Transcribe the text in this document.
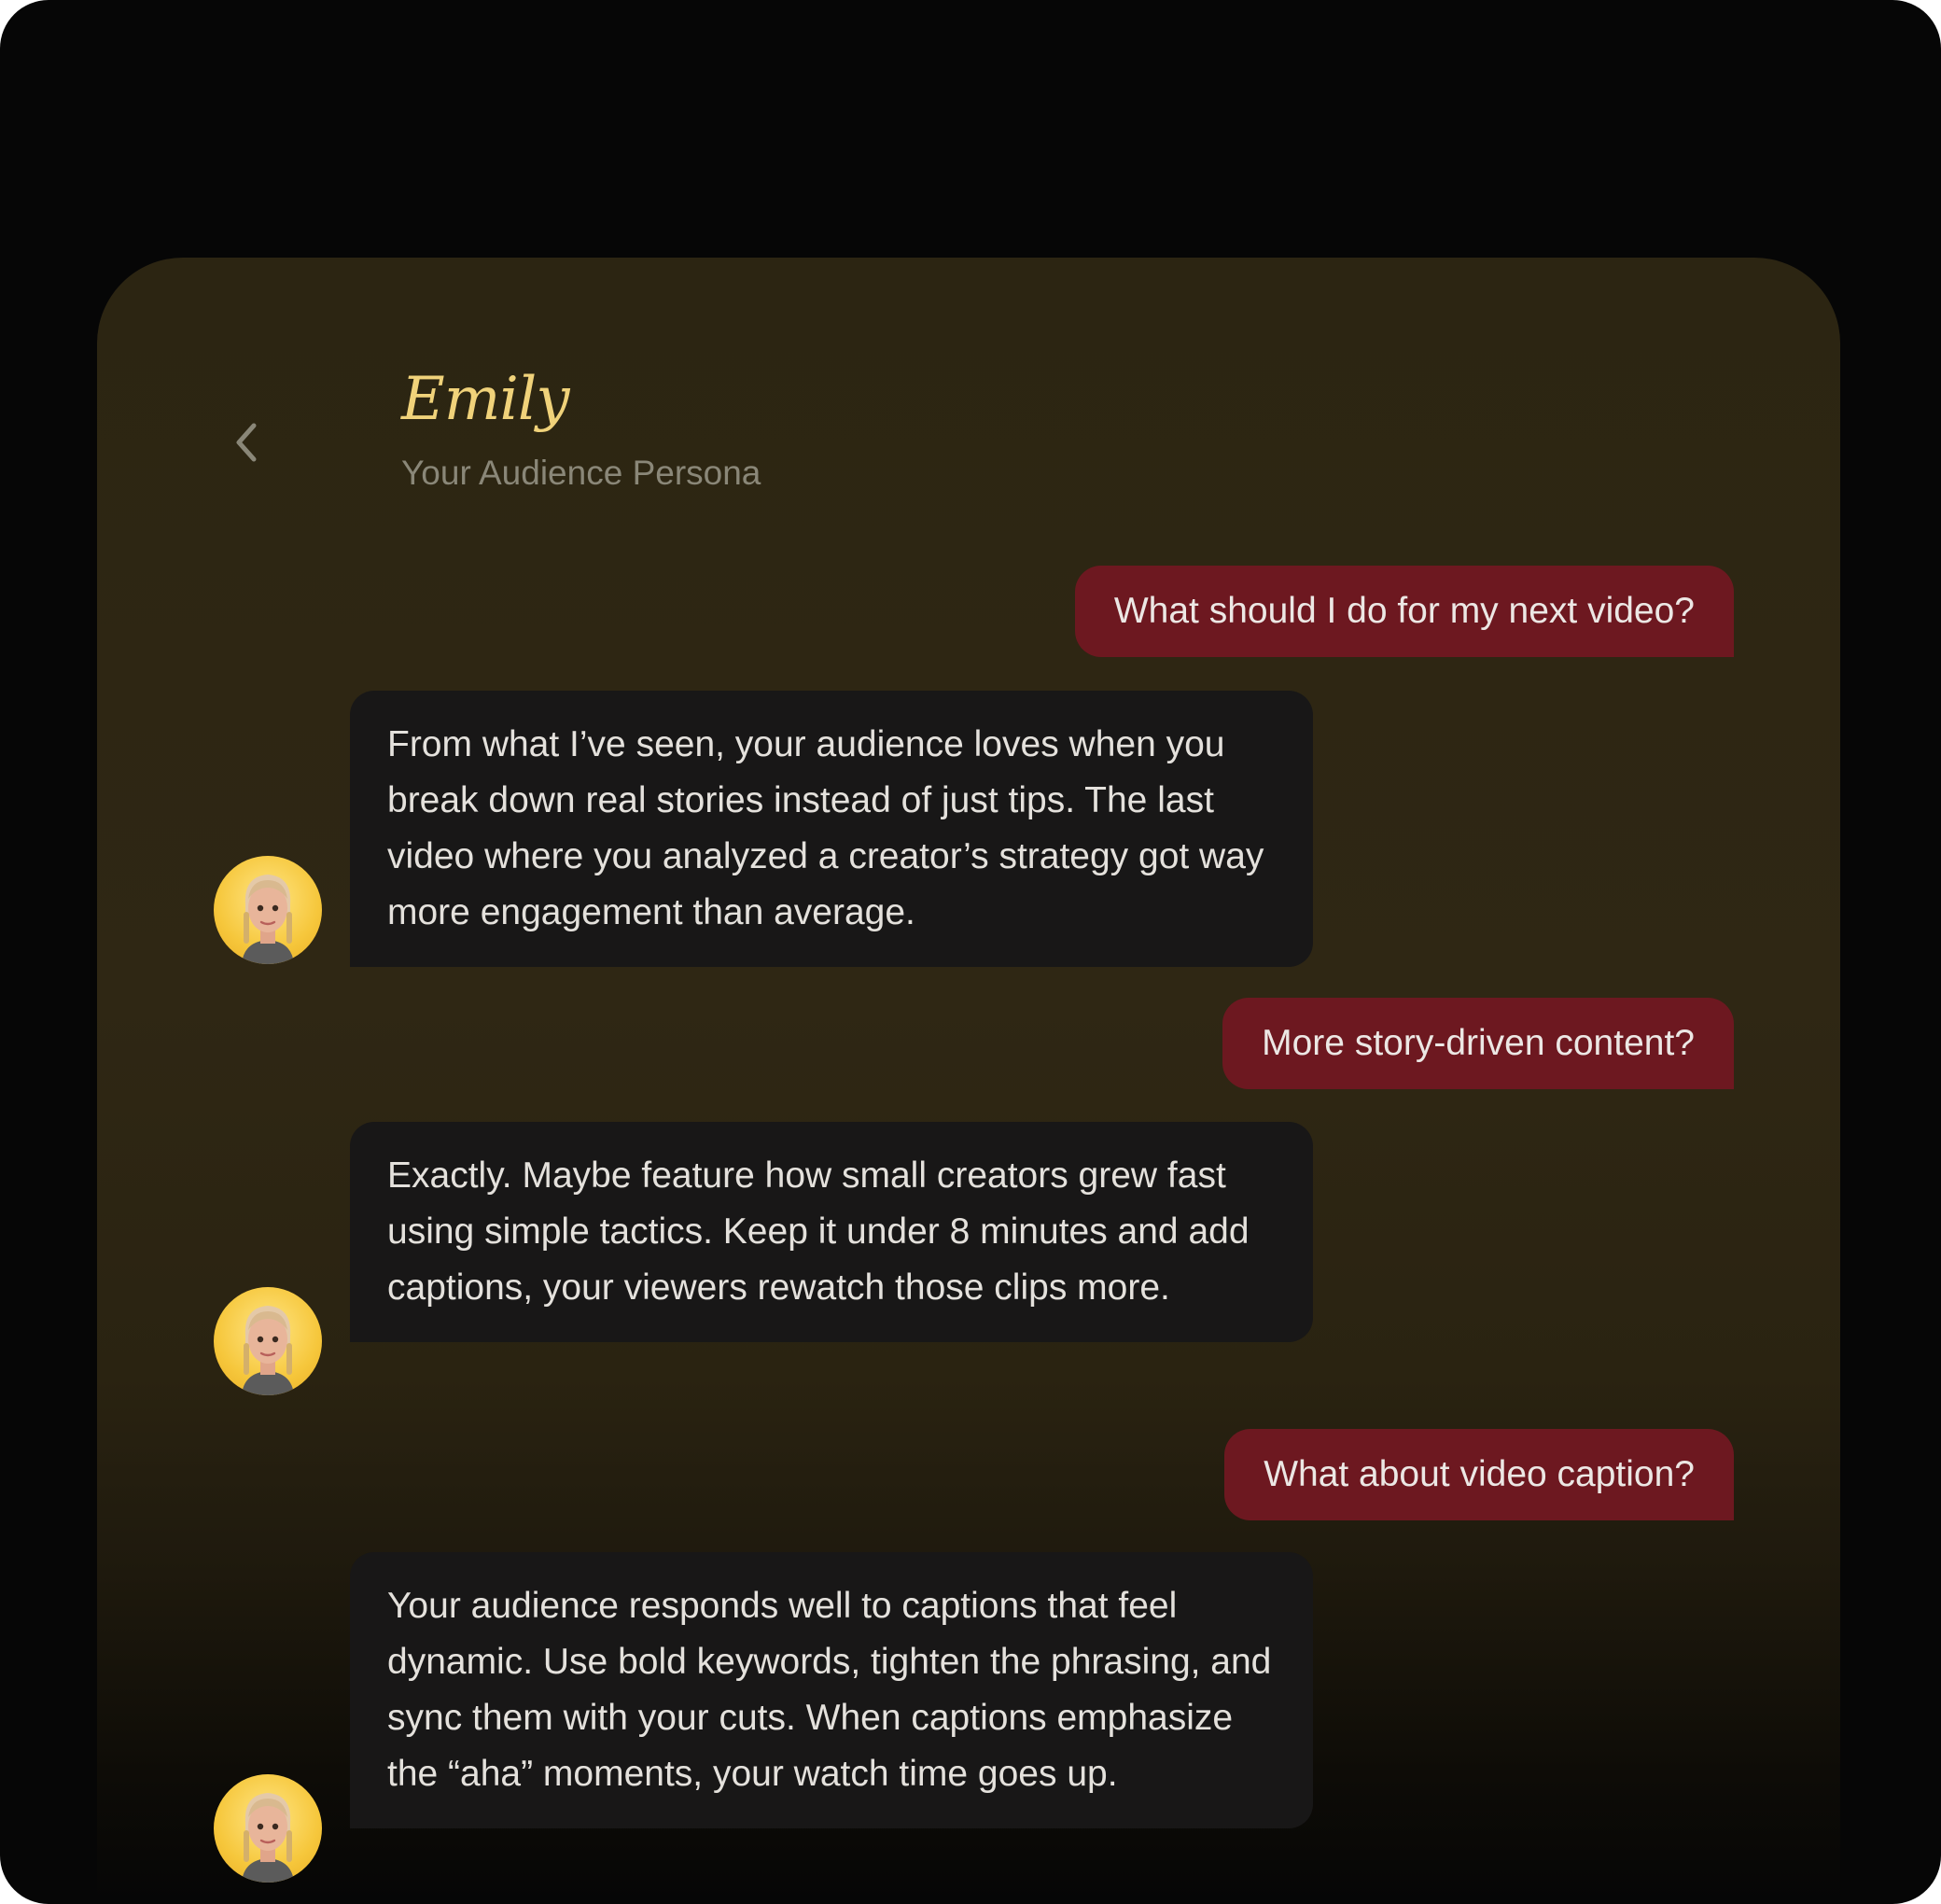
Emily
Your Audience Persona
What should I do for my next video?
From what I’ve seen, your audience loves when you break down real stories instead of just tips. The last video where you analyzed a creator’s strategy got way more engagement than average.
More story-driven content?
Exactly. Maybe feature how small creators grew fast using simple tactics. Keep it under 8 minutes and add captions, your viewers rewatch those clips more.
What about video caption?
Your audience responds well to captions that feel dynamic. Use bold keywords, tighten the phrasing, and sync them with your cuts. When captions emphasize the “aha” moments, your watch time goes up.
